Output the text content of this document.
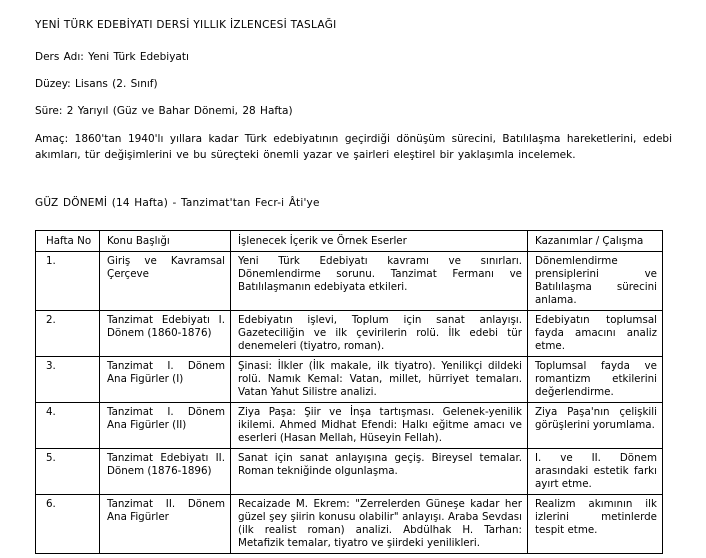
YENİ TÜRK EDEBİYATI DERSİ YILLIK İZLENCESİ TASLAĞI

Ders Adı: Yeni Türk Edebiyatı

Düzey: Lisans (2. Sınıf)

Süre: 2 Yarıyıl (Güz ve Bahar Dönemi, 28 Hafta)

Amaç: 1860'tan 1940'lı yıllara kadar Türk edebiyatının geçirdiği dönüşüm sürecini, Batılılaşma hareketlerini, edebi akımları, tür değişimlerini ve bu süreçteki önemli yazar ve şairleri eleştirel bir yaklaşımla incelemek.

GÜZ DÖNEMİ (14 Hafta) - Tanzimat'tan Fecr-i Âti'ye

Hafta No	Konu Başlığı	İşlenecek İçerik ve Örnek Eserler	Kazanımlar / Çalışma
1.	Giriş ve Kavramsal Çerçeve	Yeni Türk Edebiyatı kavramı ve sınırları. Dönemlendirme sorunu. Tanzimat Fermanı ve Batılılaşmanın edebiyata etkileri.	Dönemlendirme prensiplerini ve Batılılaşma sürecini anlama.
2.	Tanzimat Edebiyatı I. Dönem (1860-1876)	Edebiyatın işlevi, Toplum için sanat anlayışı. Gazeteciliğin ve ilk çevirilerin rolü. İlk edebi tür denemeleri (tiyatro, roman).	Edebiyatın toplumsal fayda amacını analiz etme.
3.	Tanzimat I. Dönem Ana Figürler (I)	Şinasi: İlkler (İlk makale, ilk tiyatro). Yenilikçi dildeki rolü. Namık Kemal: Vatan, millet, hürriyet temaları. Vatan Yahut Silistre analizi.	Toplumsal fayda ve romantizm etkilerini değerlendirme.
4.	Tanzimat I. Dönem Ana Figürler (II)	Ziya Paşa: Şiir ve İnşa tartışması. Gelenek-yenilik ikilemi. Ahmed Midhat Efendi: Halkı eğitme amacı ve eserleri (Hasan Mellah, Hüseyin Fellah).	Ziya Paşa'nın çelişkili görüşlerini yorumlama.
5.	Tanzimat Edebiyatı II. Dönem (1876-1896)	Sanat için sanat anlayışına geçiş. Bireysel temalar. Roman tekniğinde olgunlaşma.	I. ve II. Dönem arasındaki estetik farkı ayırt etme.
6.	Tanzimat II. Dönem Ana Figürler	Recaizade M. Ekrem: "Zerrelerden Güneşe kadar her güzel şey şiirin konusu olabilir" anlayışı. Araba Sevdası (ilk realist roman) analizi. Abdülhak H. Tarhan: Metafizik temalar, tiyatro ve şiirdeki yenilikleri.	Realizm akımının ilk izlerini metinlerde tespit etme.
